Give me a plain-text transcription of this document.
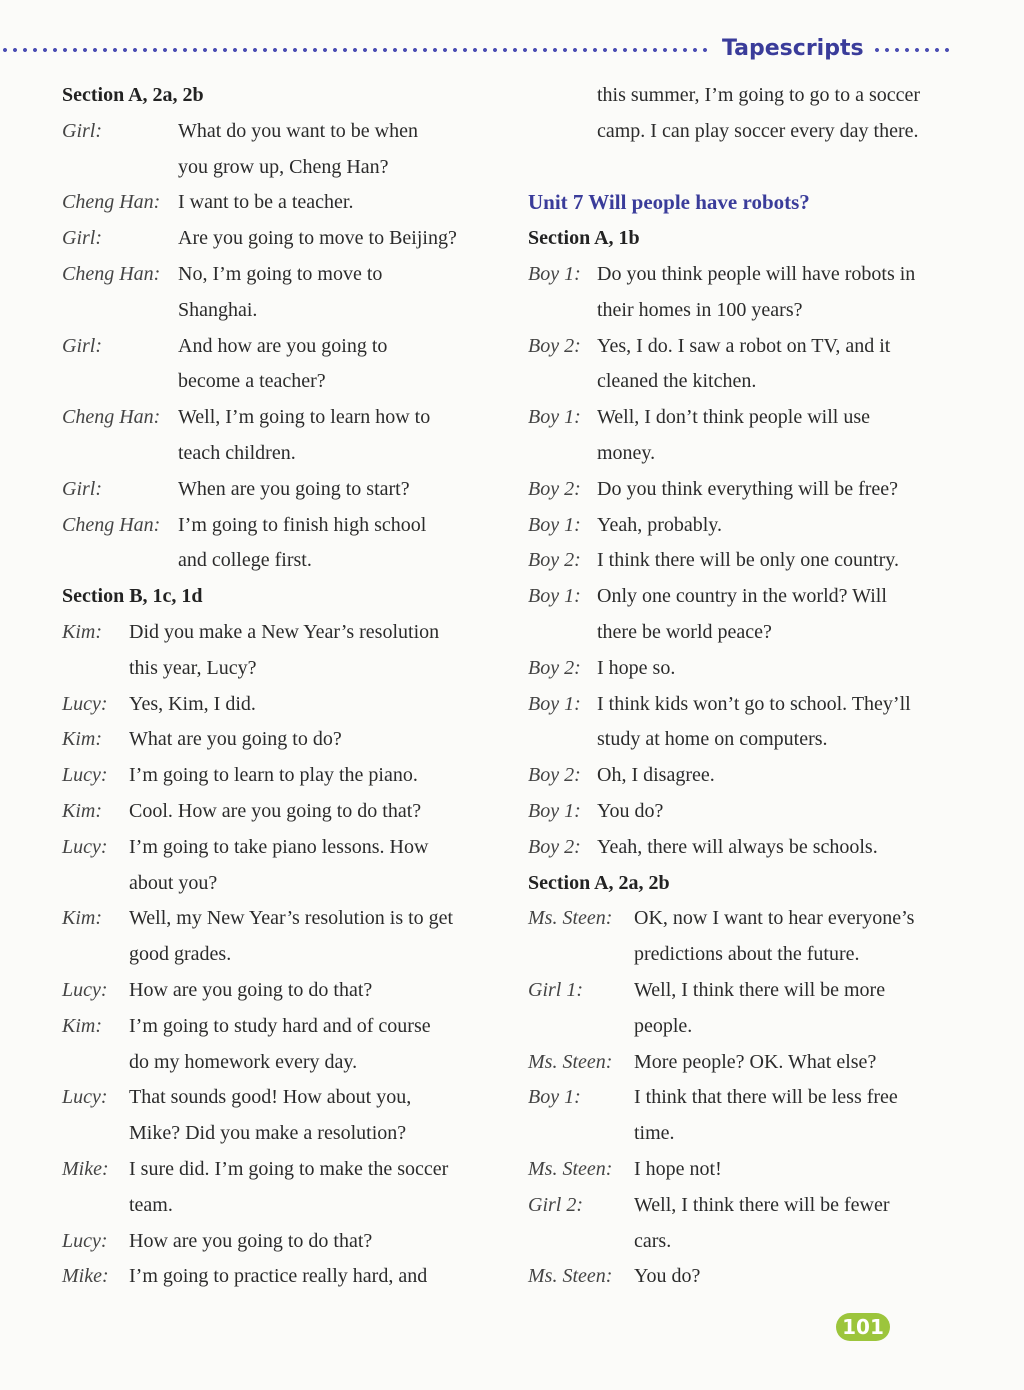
Tapescripts
Section A, 2a, 2b
Girl:	What do you want to be when
you grow up, Cheng Han?
Cheng Han: I want to be a teacher.
Girl:	Are you going to move to Beijing?
Cheng Han: No, I’m going to move to
Shanghai.
Girl:	And how are you going to
become a teacher?
Cheng Han: Well, I’m going to learn how to
teach children.
Girl:	When are you going to start?
Cheng Han: I’m going to finish high school
and college first.
Section B, 1c, 1d
Kim: Did you make a New Year’s resolution
this year, Lucy?
Lucy: Yes, Kim, I did.
Kim: What are you going to do?
Lucy: I’m going to learn to play the piano.
Kim: Cool. How are you going to do that?
Lucy: I’m going to take piano lessons. How
about you?
Kim: Well, my New Year’s resolution is to get
good grades.
Lucy: How are you going to do that?
Kim: I’m going to study hard and of course
do my homework every day.
Lucy: That sounds good! How about you,
Mike? Did you make a resolution?
Mike: I sure did. I’m going to make the soccer
team.
Lucy: How are you going to do that?
Mike: I’m going to practice really hard, and
this summer, I’m going to go to a soccer
camp. I can play soccer every day there.
Unit 7 Will people have robots?
Section A, 1b
Boy 1: Do you think people will have robots in
their homes in 100 years?
Boy 2: Yes, I do. I saw a robot on TV, and it
cleaned the kitchen.
Boy 1: Well, I don’t think people will use
money.
Boy 2: Do you think everything will be free?
Boy 1: Yeah, probably.
Boy 2: I think there will be only one country.
Boy 1: Only one country in the world? Will
there be world peace?
Boy 2: I hope so.
Boy 1: I think kids won’t go to school. They’ll
study at home on computers.
Boy 2: Oh, I disagree.
Boy 1: You do?
Boy 2: Yeah, there will always be schools.
Section A, 2a, 2b
Ms. Steen: OK, now I want to hear everyone’s
predictions about the future.
Girl 1:	Well, I think there will be more
people.
Ms. Steen: More people? OK. What else?
Boy 1:	I think that there will be less free
time.
Ms. Steen: I hope not!
Girl 2:	Well, I think there will be fewer
cars.
Ms. Steen: You do?
101
